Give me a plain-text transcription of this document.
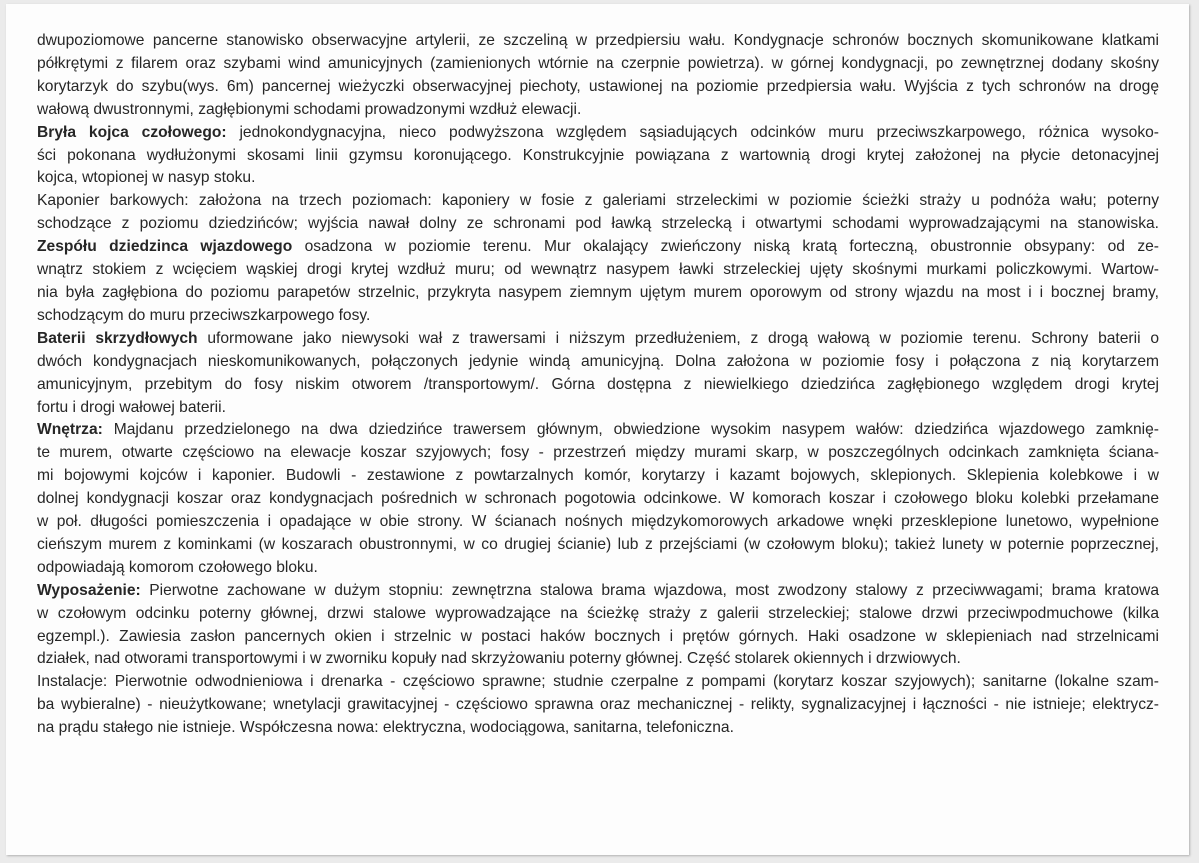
dwupoziomowe pancerne stanowisko obserwacyjne artylerii, ze szczeliną w przedpiersiu wału. Kondygnacje schronów bocznych skomunikowane klatkami
półkrętymi z filarem oraz szybami wind amunicyjnych (zamienionych wtórnie na czerpnie powietrza). w górnej kondygnacji, po zewnętrznej dodany skośny
korytarzyk do szybu(wys. 6m) pancernej wieżyczki obserwacyjnej piechoty, ustawionej na poziomie przedpiersia wału. Wyjścia z tych schronów na drogę
wałową dwustronnymi, zagłębionymi schodami prowadzonymi wzdłuż elewacji.
Bryła kojca czołowego: jednokondygnacyjna, nieco podwyższona względem sąsiadujących odcinków muru przeciwszkarpowego, różnica wysoko-
ści pokonana wydłużonymi skosami linii gzymsu koronującego. Konstrukcyjnie powiązana z wartownią drogi krytej założonej na płycie detonacyjnej
kojca, wtopionej w nasyp stoku.
Kaponier barkowych: założona na trzech poziomach: kaponiery w fosie z galeriami strzeleckimi w poziomie ścieżki straży u podnóża wału; poterny
schodzące z poziomu dziedzińców; wyjścia nawał dolny ze schronami pod ławką strzelecką i otwartymi schodami wyprowadzającymi na stanowiska.
Zespółu dziedzinca wjazdowego osadzona w poziomie terenu. Mur okalający zwieńczony niską kratą forteczną, obustronnie obsypany: od ze-
wnątrz stokiem z wcięciem wąskiej drogi krytej wzdłuż muru; od wewnątrz nasypem ławki strzeleckiej ujęty skośnymi murkami policzkowymi. Wartow-
nia była zagłębiona do poziomu parapetów strzelnic, przykryta nasypem ziemnym ujętym murem oporowym od strony wjazdu na most i i bocznej bramy,
schodzącym do muru przeciwszkarpowego fosy.
Baterii skrzydłowych uformowane jako niewysoki wał z trawersami i niższym przedłużeniem, z drogą wałową w poziomie terenu. Schrony baterii o
dwóch kondygnacjach nieskomunikowanych, połączonych jedynie windą amunicyjną. Dolna założona w poziomie fosy i połączona z nią korytarzem
amunicyjnym, przebitym do fosy niskim otworem /transportowym/. Górna dostępna z niewielkiego dziedzińca zagłębionego względem drogi krytej
fortu i drogi wałowej baterii.
Wnętrza: Majdanu przedzielonego na dwa dziedzińce trawersem głównym, obwiedzione wysokim nasypem wałów: dziedzińca wjazdowego zamknię-
te murem, otwarte częściowo na elewacje koszar szyjowych; fosy - przestrzeń między murami skarp, w poszczególnych odcinkach zamknięta ściana-
mi bojowymi kojców i kaponier. Budowli - zestawione z powtarzalnych komór, korytarzy i kazamt bojowych, sklepionych. Sklepienia kolebkowe i w
dolnej kondygnacji koszar oraz kondygnacjach pośrednich w schronach pogotowia odcinkowe. W komorach koszar i czołowego bloku kolebki przełamane
w poł. długości pomieszczenia i opadające w obie strony. W ścianach nośnych międzykomorowych arkadowe wnęki przesklepione lunetowo, wypełnione
cieńszym murem z kominkami (w koszarach obustronnymi, w co drugiej ścianie) lub z przejściami (w czołowym bloku); takież lunety w poternie poprzecznej,
odpowiadają komorom czołowego bloku.
Wyposażenie: Pierwotne zachowane w dużym stopniu: zewnętrzna stalowa brama wjazdowa, most zwodzony stalowy z przeciwwagami; brama kratowa
w czołowym odcinku poterny głównej, drzwi stalowe wyprowadzające na ścieżkę straży z galerii strzeleckiej; stalowe drzwi przeciwpodmuchowe (kilka
egzempl.). Zawiesia zasłon pancernych okien i strzelnic w postaci haków bocznych i prętów górnych. Haki osadzone w sklepieniach nad strzelnicami
działek, nad otworami transportowymi i w zworniku kopuły nad skrzyżowaniu poterny głównej. Część stolarek okiennych i drzwiowych.
Instalacje: Pierwotnie odwodnieniowa i drenarka - częściowo sprawne; studnie czerpalne z pompami (korytarz koszar szyjowych); sanitarne (lokalne szam-
ba wybieralne) - nieużytkowane; wnetylacji grawitacyjnej - częściowo sprawna oraz mechanicznej - relikty, sygnalizacyjnej i łączności - nie istnieje; elektrycz-
na prądu stałego nie istnieje. Współczesna nowa: elektryczna, wodociągowa, sanitarna, telefoniczna.
